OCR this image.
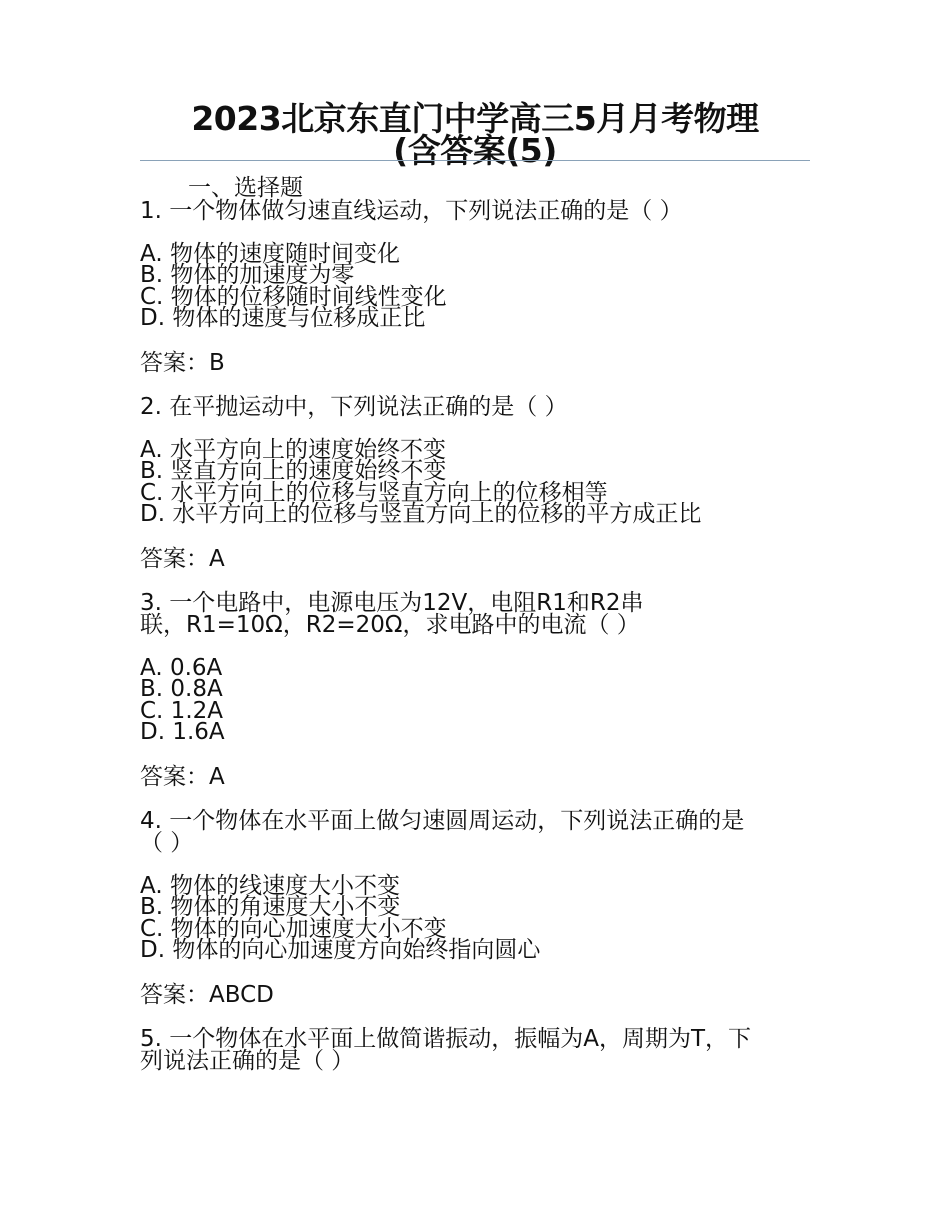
2023北京东直门中学高三5月月考物理
(含答案(5)
一、选择题
1. 一个物体做匀速直线运动，下列说法正确的是（ ）
A. 物体的速度随时间变化
B. 物体的加速度为零
C. 物体的位移随时间线性变化
D. 物体的速度与位移成正比
答案：B
2. 在平抛运动中，下列说法正确的是（ ）
A. 水平方向上的速度始终不变
B. 竖直方向上的速度始终不变
C. 水平方向上的位移与竖直方向上的位移相等
D. 水平方向上的位移与竖直方向上的位移的平方成正比
答案：A
3. 一个电路中，电源电压为12V，电阻R1和R2串
联，R1=10Ω，R2=20Ω，求电路中的电流（ ）
A. 0.6A
B. 0.8A
C. 1.2A
D. 1.6A
答案：A
4. 一个物体在水平面上做匀速圆周运动，下列说法正确的是
（ ）
A. 物体的线速度大小不变
B. 物体的角速度大小不变
C. 物体的向心加速度大小不变
D. 物体的向心加速度方向始终指向圆心
答案：ABCD
5. 一个物体在水平面上做简谐振动，振幅为A，周期为T，下
列说法正确的是（ ）
